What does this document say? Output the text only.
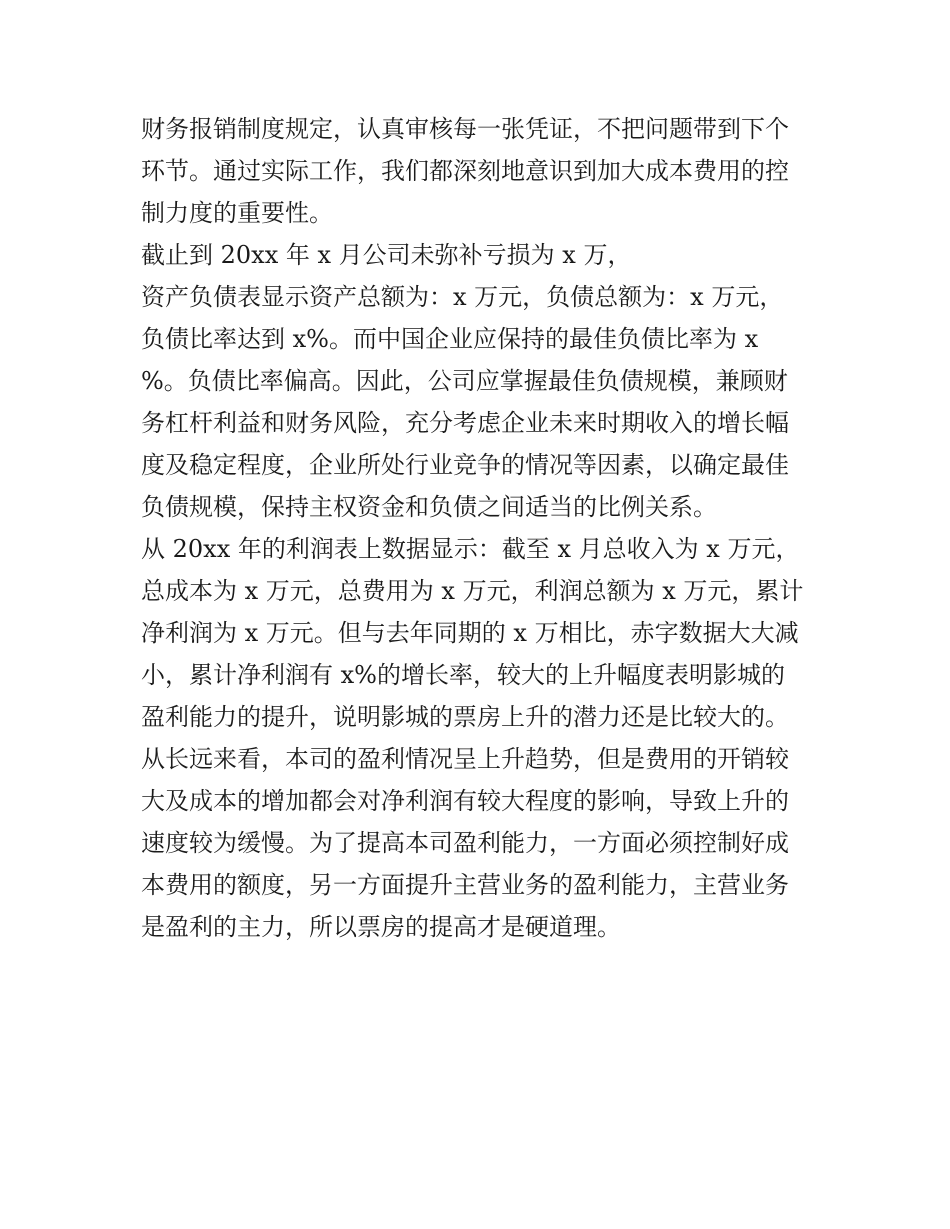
财务报销制度规定，认真审核每一张凭证，不把问题带到下个
环节。通过实际工作，我们都深刻地意识到加大成本费用的控
制力度的重要性。
截止到 20xx 年 x 月公司未弥补亏损为 x 万，
资产负债表显示资产总额为：x 万元，负债总额为：x 万元，
负债比率达到 x%。而中国企业应保持的最佳负债比率为 x
%。负债比率偏高。因此，公司应掌握最佳负债规模，兼顾财
务杠杆利益和财务风险，充分考虑企业未来时期收入的增长幅
度及稳定程度，企业所处行业竞争的情况等因素，以确定最佳
负债规模，保持主权资金和负债之间适当的比例关系。
从 20xx 年的利润表上数据显示：截至 x 月总收入为 x 万元，
总成本为 x 万元，总费用为 x 万元，利润总额为 x 万元，累计
净利润为 x 万元。但与去年同期的 x 万相比，赤字数据大大减
小，累计净利润有 x%的增长率，较大的上升幅度表明影城的
盈利能力的提升，说明影城的票房上升的潜力还是比较大的。
从长远来看，本司的盈利情况呈上升趋势，但是费用的开销较
大及成本的增加都会对净利润有较大程度的影响，导致上升的
速度较为缓慢。为了提高本司盈利能力，一方面必须控制好成
本费用的额度，另一方面提升主营业务的盈利能力，主营业务
是盈利的主力，所以票房的提高才是硬道理。
